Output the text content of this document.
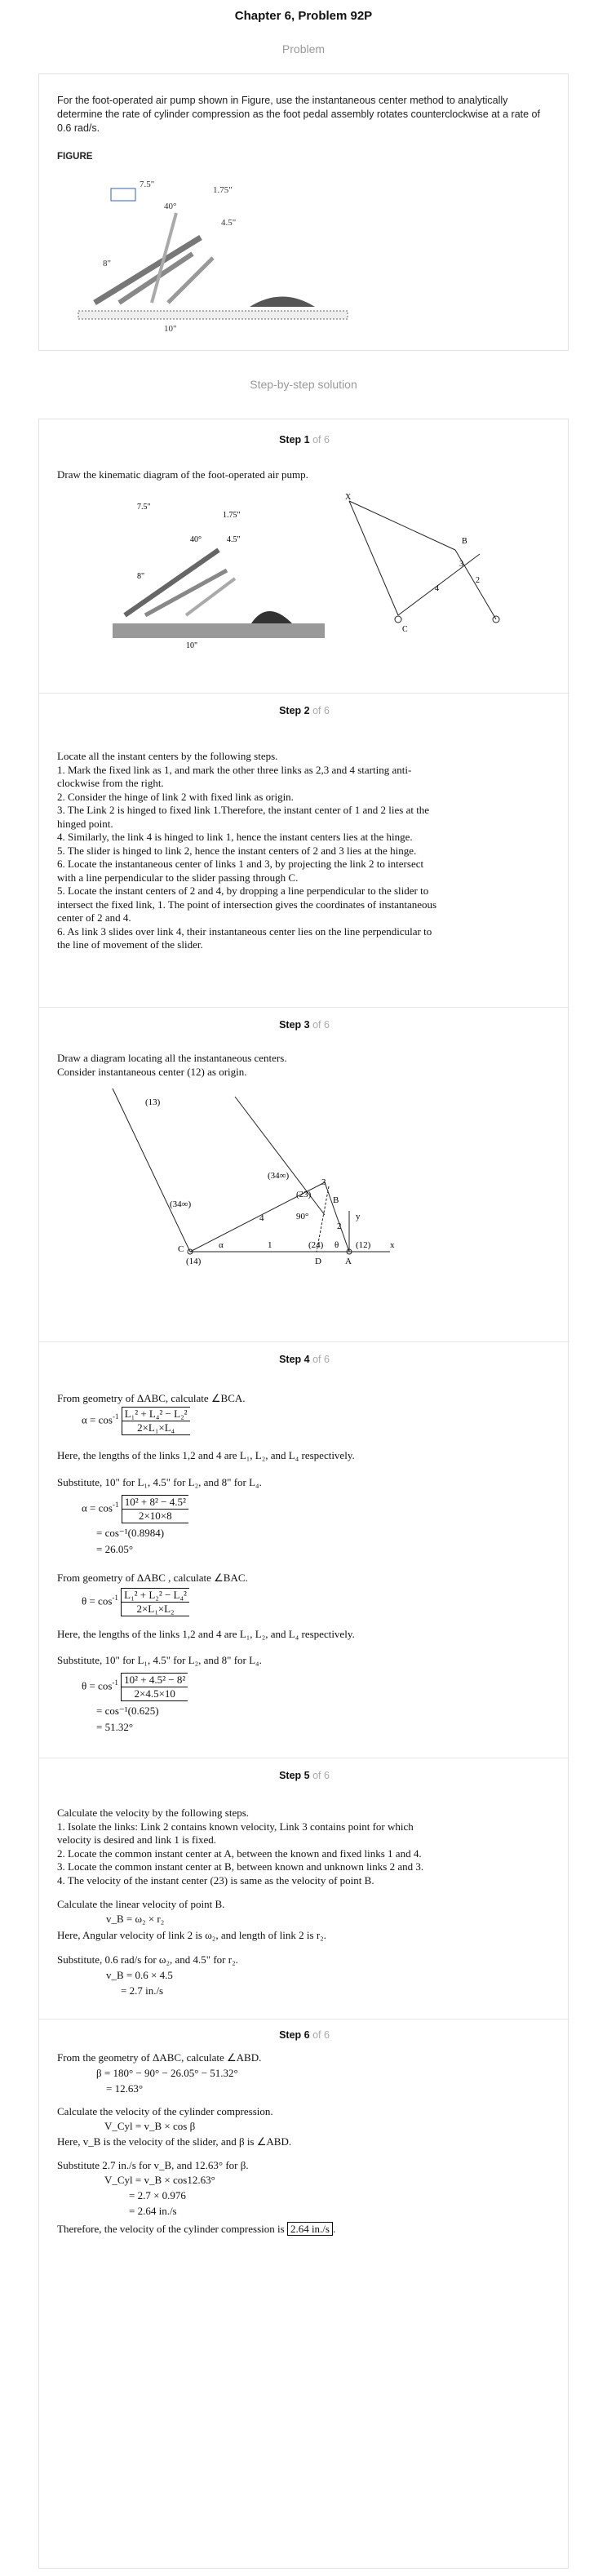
Chapter 6, Problem 92P
Problem
For the foot-operated air pump shown in Figure, use the instantaneous center method to analytically determine the rate of cylinder compression as the foot pedal assembly rotates counterclockwise at a rate of 0.6 rad/s.
FIGURE
7.5"
40°
1.75"
4.5"
8"
10"
Step-by-step solution
Step 1 of 6
Draw the kinematic diagram of the foot-operated air pump.
7.5"
40°
1.75"
4.5"
8"
10"
X
B
C
2
3
4
Step 2 of 6
Locate all the instant centers by the following steps.
1. Mark the fixed link as 1, and mark the other three links as 2,3 and 4 starting anti-
clockwise from the right.
2. Consider the hinge of link 2 with fixed link as origin.
3. The Link 2 is hinged to fixed link 1.Therefore, the instant center of 1 and 2 lies at the
hinged point.
4. Similarly, the link 4 is hinged to link 1, hence the instant centers lies at the hinge.
5. The slider is hinged to link 2, hence the instant centers of 2 and 3 lies at the hinge.
6. Locate the instantaneous center of links 1 and 3, by projecting the link 2 to intersect
with a line perpendicular to the slider passing through C.
5. Locate the instant centers of 2 and 4, by dropping a line perpendicular to the slider to
intersect the fixed link, 1. The point of intersection gives the coordinates of instantaneous
center of 2 and 4.
6. As link 3 slides over link 4, their instantaneous center lies on the line perpendicular to
the line of movement of the slider.
Step 3 of 6
Draw a diagram locating all the instantaneous centers.
Consider instantaneous center (12) as origin.
(13)
(34∞)
(34∞)
(23)
B
3
4	90°
2
y
1	(24) θ (12) x
C
(14)
α
D	A
Step 4 of 6
From geometry of ΔABC, calculate ∠BCA.
$\alpha = \cos^{-1} \frac{\text{L₁² + L₄² − L₂²}}{\text{2×L₁×L₄}}$
Here, the lengths of the links 1,2 and 4 are L₁, L₂, and L₄ respectively.
Substitute, 10" for L₁, 4.5" for L₂, and 8" for L₄.
$\alpha = \cos^{-1} \frac{\text{10² + 8² − 4.5²}}{2\times 10\times 8}$
= cos⁻¹(0.8984)
= 26.05°
From geometry of ΔABC , calculate ∠BAC.
$\theta = \cos^{-1} \frac{\text{L₁² + L₂² − L₄²}}{\text{2×L₁×L₂}}$
Here, the lengths of the links 1,2 and 4 are L₁, L₂, and L₄ respectively.
Substitute, 10" for L₁, 4.5" for L₂, and 8" for L₄.
$\theta = \cos^{-1} \frac{\text{10² + 4.5² − 8²}}{2\times 4.5\times 10}$
= cos⁻¹(0.625)
= 51.32°
Step 5 of 6
Calculate the velocity by the following steps.
1. Isolate the links: Link 2 contains known velocity, Link 3 contains point for which
velocity is desired and link 1 is fixed.
2. Locate the common instant center at A, between the known and fixed links 1 and 4.
3. Locate the common instant center at B, between known and unknown links 2 and 3.
4. The velocity of the instant center (23) is same as the velocity of point B.
Calculate the linear velocity of point B.
v_B = ω₂ × r₂
Here, Angular velocity of link 2 is ω₂, and length of link 2 is r₂.
Substitute, 0.6 rad/s for ω₂, and 4.5" for r₂.
v_B = 0.6 × 4.5
= 2.7 in./s
Step 6 of 6
From the geometry of ΔABC, calculate ∠ABD.
β = 180° − 90° − 26.05° − 51.32°
= 12.63°
Calculate the velocity of the cylinder compression.
V_Cyl = v_B × cos β
Here, v_B is the velocity of the slider, and β is ∠ABD.
Substitute 2.7 in./s for v_B, and 12.63° for β.
V_Cyl = v_B × cos12.63°
= 2.7 × 0.976
= 2.64 in./s
Therefore, the velocity of the cylinder compression is 2.64 in./s .
